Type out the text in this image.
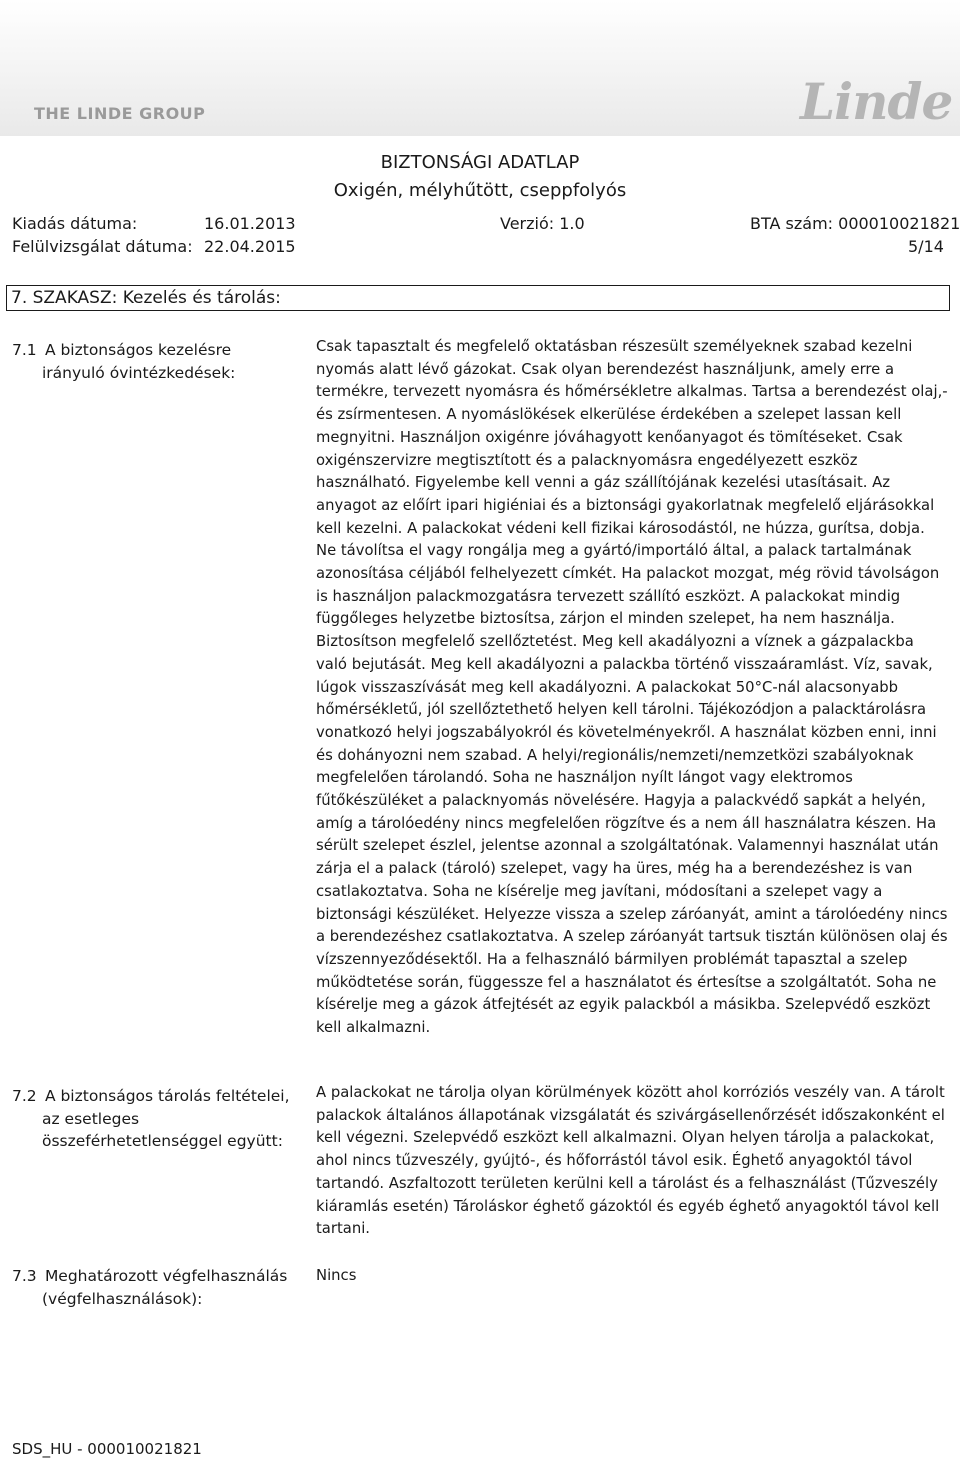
THE LINDE GROUP	Linde
BIZTONSÁGI ADATLAP
Oxigén, mélyhűtött, cseppfolyós
Kiadás dátuma:	16.01.2013	Verzió: 1.0	BTA szám: 000010021821
Felülvizsgálat dátuma: 22.04.2015	5/14
7. SZAKASZ: Kezelés és tárolás:
7.1 A biztonságos kezelésre
irányuló óvintézkedések:
Csak tapasztalt és megfelelő oktatásban részesült személyeknek szabad kezelni nyomás alatt lévő gázokat. Csak olyan berendezést használjunk, amely erre a termékre, tervezett nyomásra és hőmérsékletre alkalmas. Tartsa a berendezést olaj,- és zsírmentesen. A nyomáslökések elkerülése érdekében a szelepet lassan kell megnyitni. Használjon oxigénre jóváhagyott kenőanyagot és tömítéseket. Csak oxigénszervizre megtisztított és a palacknyomásra engedélyezett eszköz használható. Figyelembe kell venni a gáz szállítójának kezelési utasításait. Az anyagot az előírt ipari higiéniai és a biztonsági gyakorlatnak megfelelő eljárásokkal kell kezelni. A palackokat védeni kell fizikai károsodástól, ne húzza, gurítsa, dobja. Ne távolítsa el vagy rongálja meg a gyártó/importáló által, a palack tartalmának azonosítása céljából felhelyezett címkét. Ha palackot mozgat, még rövid távolságon is használjon palackmozgatásra tervezett szállító eszközt. A palackokat mindig függőleges helyzetbe biztosítsa, zárjon el minden szelepet, ha nem használja. Biztosítson megfelelő szellőztetést. Meg kell akadályozni a víznek a gázpalackba való bejutását. Meg kell akadályozni a palackba történő visszaáramlást. Víz, savak, lúgok visszaszívását meg kell akadályozni. A palackokat 50°C-nál alacsonyabb hőmérsékletű, jól szellőztethető helyen kell tárolni. Tájékozódjon a palacktárolásra vonatkozó helyi jogszabályokról és követelményekről. A használat közben enni, inni és dohányozni nem szabad. A helyi/regionális/nemzeti/nemzetközi szabályoknak megfelelően tárolandó. Soha ne használjon nyílt lángot vagy elektromos fűtőkészüléket a palacknyomás növelésére. Hagyja a palackvédő sapkát a helyén, amíg a tárolóedény nincs megfelelően rögzítve és a nem áll használatra készen. Ha sérült szelepet észlel, jelentse azonnal a szolgáltatónak. Valamennyi használat után zárja el a palack (tároló) szelepet, vagy ha üres, még ha a berendezéshez is van csatlakoztatva. Soha ne kísérelje meg javítani, módosítani a szelepet vagy a biztonsági készüléket. Helyezze vissza a szelep záróanyát, amint a tárolóedény nincs a berendezéshez csatlakoztatva. A szelep záróanyát tartsuk tisztán különösen olaj és vízszennyeződésektől. Ha a felhasználó bármilyen problémát tapasztal a szelep működtetése során, függessze fel a használatot és értesítse a szolgáltatót. Soha ne kísérelje meg a gázok átfejtését az egyik palackból a másikba. Szelepvédő eszközt kell alkalmazni.
7.2 A biztonságos tárolás feltételei,
az esetleges
összeférhetetlenséggel együtt:
A palackokat ne tárolja olyan körülmények között ahol korróziós veszély van. A tárolt palackok általános állapotának vizsgálatát és szivárgásellenőrzését időszakonként el kell végezni. Szelepvédő eszközt kell alkalmazni. Olyan helyen tárolja a palackokat, ahol nincs tűzveszély, gyújtó-, és hőforrástól távol esik. Éghető anyagoktól távol tartandó. Aszfaltozott területen kerülni kell a tárolást és a felhasználást (Tűzveszély kiáramlás esetén) Tároláskor éghető gázoktól és egyéb éghető anyagoktól távol kell tartani.
7.3 Meghatározott végfelhasználás
(végfelhasználások):
Nincs
SDS_HU - 000010021821
